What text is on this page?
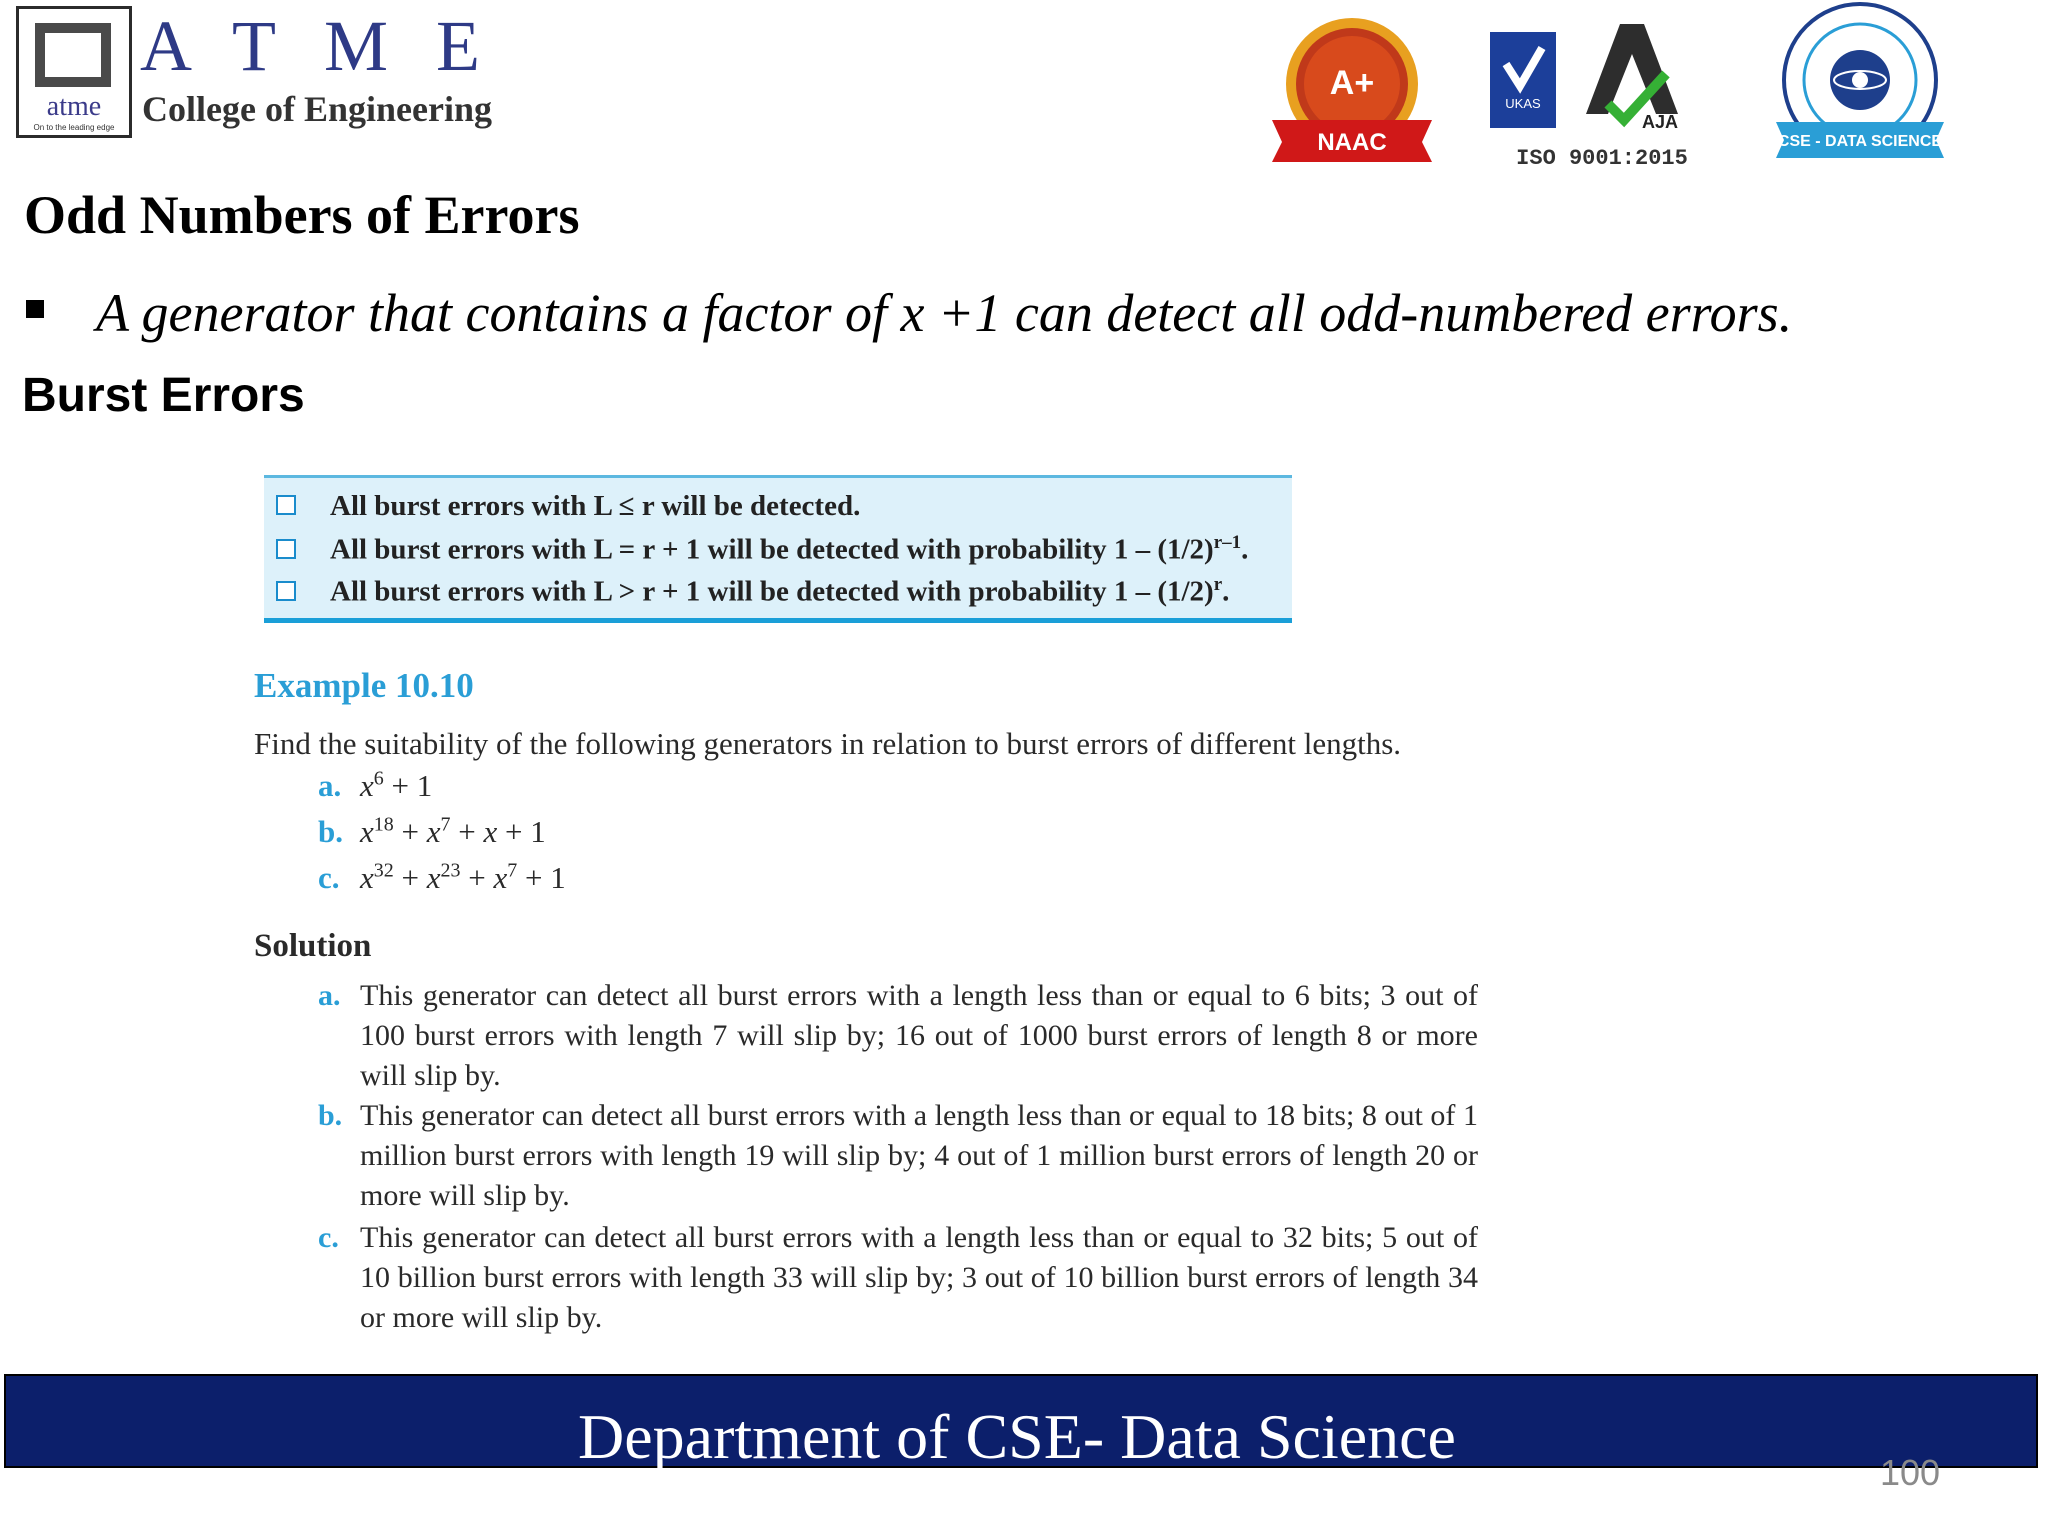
atme
On to the leading edge
ATME
College of Engineering
A+
NAAC
UKAS
AJA
ISO 9001:2015
CSE - DATA SCIENCE
Odd Numbers of Errors
A generator that contains a factor of x +1 can detect all odd-numbered errors.
Burst Errors
All burst errors with L ≤ r will be detected.
All burst errors with L = r + 1 will be detected with probability $1 - (1/2)^{r-1}$.
All burst errors with L > r + 1 will be detected with probability $1 - (1/2)^r$.
Example 10.10
Find the suitability of the following generators in relation to burst errors of different lengths.
a. $x^6 + 1$
b. $x^{18} + x^7 + x + 1$
c. $x^{32} + x^{23} + x^7 + 1$
Solution
a. This generator can detect all burst errors with a length less than or equal to 6 bits; 3 out of 100 burst errors with length 7 will slip by; 16 out of 1000 burst errors of length 8 or more will slip by.
b. This generator can detect all burst errors with a length less than or equal to 18 bits; 8 out of 1 million burst errors with length 19 will slip by; 4 out of 1 million burst errors of length 20 or more will slip by.
c. This generator can detect all burst errors with a length less than or equal to 32 bits; 5 out of 10 billion burst errors with length 33 will slip by; 3 out of 10 billion burst errors of length 34 or more will slip by.
Department of CSE- Data Science
100
